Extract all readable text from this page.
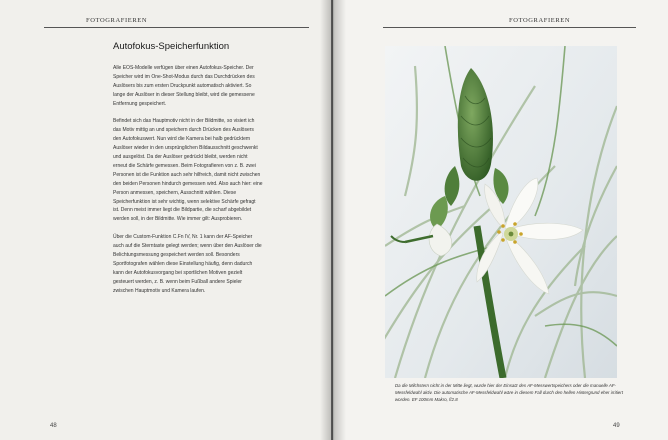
FOTOGRAFIEREN
Autofokus-Speicherfunktion

Alle EOS-Modelle verfügen über einen Autofokus-Speicher. Der Speicher wird im One-Shot-Modus durch das Durchdrücken des Auslösers bis zum ersten Druckpunkt automatisch aktiviert. So lange der Auslöser in dieser Stellung bleibt, wird die gemessene Entfernung gespeichert.

Befindet sich das Hauptmotiv nicht in der Bildmitte, so visiert ich das Motiv mittig an und speichern durch Drücken des Auslösers den Autofokuswert. Nun wird die Kamera bei halb gedrücktem Auslöser wieder in den ursprünglichen Bildausschnitt geschwenkt und ausgelöst. Da der Auslöser gedrückt bleibt, werden nicht erneut die Schärfe gemessen. Beim Fotografieren von z. B. zwei Personen ist die Funktion auch sehr hilfreich, damit nicht zwischen den beiden Personen hindurch gemessen wird. Also auch hier: eine Person anmessen, speichern, Ausschnitt wählen. Diese Speicherfunktion ist sehr wichtig, wenn selektive Schärfe gefragt ist. Denn meist immer liegt die Bildpartie, die scharf abgebildet werden soll, in der Bildmitte. Wie immer gilt: Ausprobieren.

Über die Custom-Funktion C.Fn IV, Nr. 1 kann der AF-Speicher auch auf die Sterntaste gelegt werden; wenn über den Auslöser die Belichtungsmessung gespeichert werden soll. Besonders Sportfotografen wählen diese Einstellung häufig, denn dadurch kann der Autofokusvorgang bei sportlichen Motiven gezielt gesteuert werden, z. B. wenn beim Fußball andere Spieler zwischen Hauptmotiv und Kamera laufen.

48
FOTOGRAFIEREN
Da die Milchstern nicht in der Mitte liegt, wurde hier der Einsatz des AF-Messwertspeichers oder die manuelle AF-Messfeldwahl aktiv. Die automatische AF-Messfeldwahl wäre in diesem Fall durch den hellen Hintergrund eher irritiert worden. EF 100mm Makro, f/2.8
49
